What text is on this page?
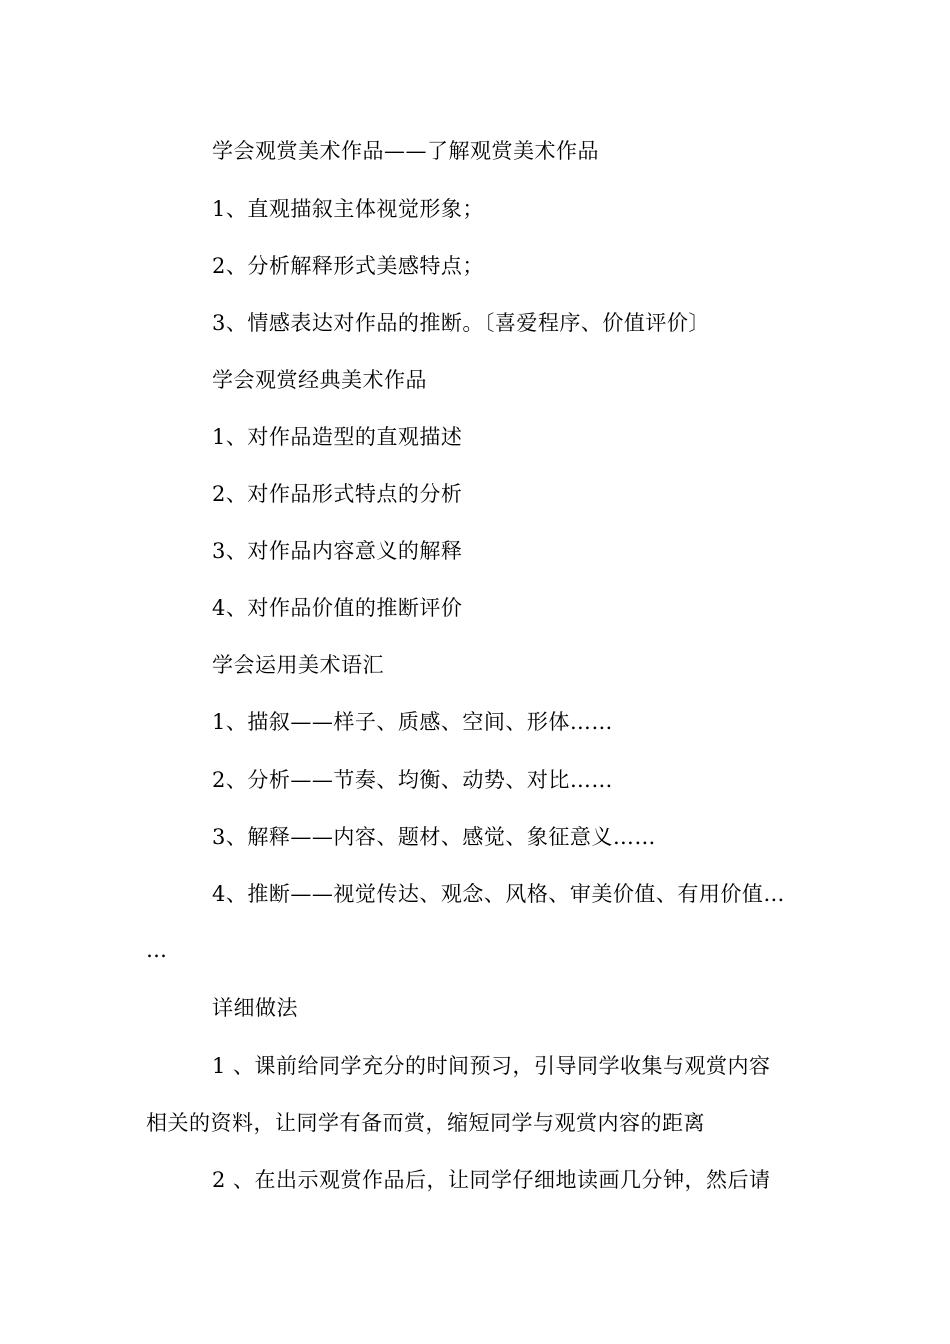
学会观赏美术作品——了解观赏美术作品
1、直观描叙主体视觉形象；
2、分析解释形式美感特点；
3、情感表达对作品的推断。〔喜爱程序、价值评价〕
学会观赏经典美术作品
1、对作品造型的直观描述
2、对作品形式特点的分析
3、对作品内容意义的解释
4、对作品价值的推断评价
学会运用美术语汇
1、描叙——样子、质感、空间、形体……
2、分析——节奏、均衡、动势、对比……
3、解释——内容、题材、感觉、象征意义……
4、推断——视觉传达、观念、风格、审美价值、有用价值…
…
详细做法
1 、课前给同学充分的时间预习，引导同学收集与观赏内容
相关的资料，让同学有备而赏，缩短同学与观赏内容的距离
2 、在出示观赏作品后，让同学仔细地读画几分钟，然后请
